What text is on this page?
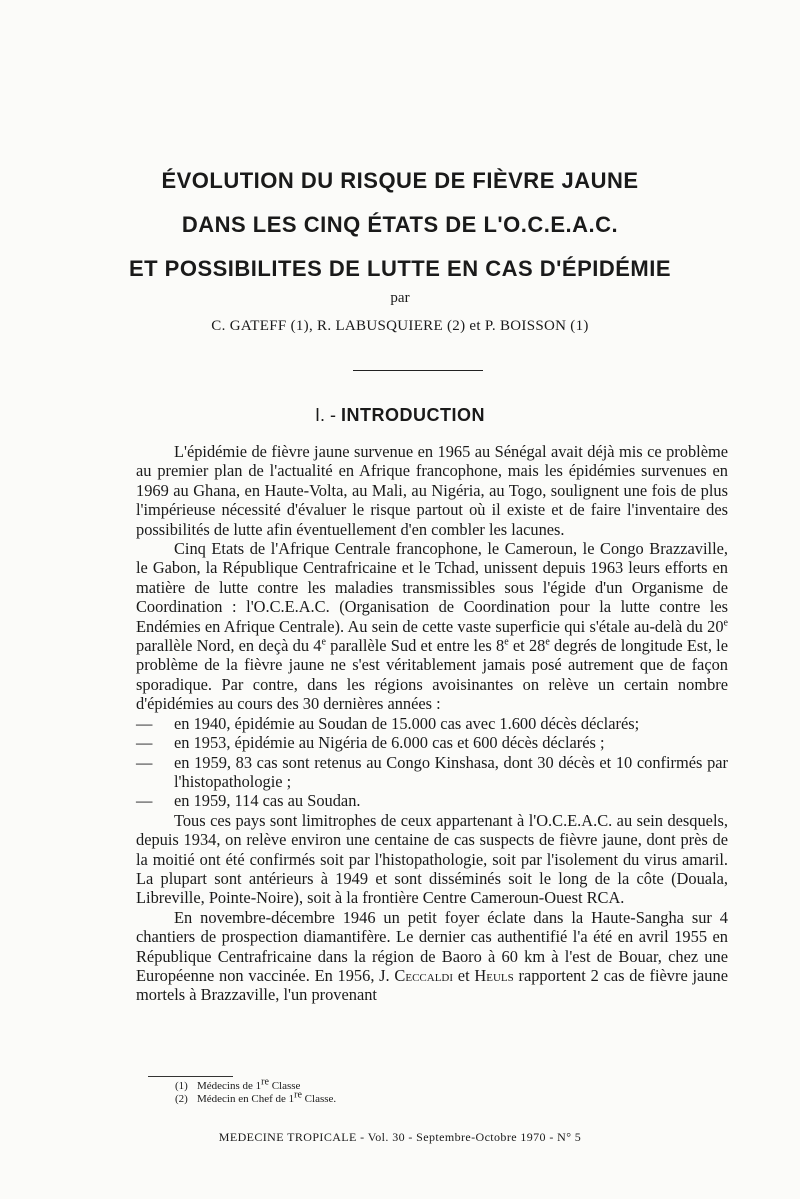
ÉVOLUTION DU RISQUE DE FIÈVRE JAUNE
DANS LES CINQ ÉTATS DE L'O.C.E.A.C.
ET POSSIBILITES DE LUTTE EN CAS D'ÉPIDÉMIE
par
C. GATEFF (1), R. LABUSQUIERE (2) et P. BOISSON (1)
I. - INTRODUCTION

L'épidémie de fièvre jaune survenue en 1965 au Sénégal avait déjà mis ce problème au premier plan de l'actualité en Afrique francophone, mais les épidémies survenues en 1969 au Ghana, en Haute-Volta, au Mali, au Nigéria, au Togo, soulignent une fois de plus l'impérieuse nécessité d'évaluer le risque partout où il existe et de faire l'inventaire des possibilités de lutte afin éventuellement d'en combler les lacunes.

Cinq Etats de l'Afrique Centrale francophone, le Cameroun, le Congo Brazzaville, le Gabon, la République Centrafricaine et le Tchad, unissent depuis 1963 leurs efforts en matière de lutte contre les maladies transmissibles sous l'égide d'un Organisme de Coordination : l'O.C.E.A.C. (Organisation de Coordination pour la lutte contre les Endémies en Afrique Centrale). Au sein de cette vaste superficie qui s'étale au-delà du 20e parallèle Nord, en deçà du 4e parallèle Sud et entre les 8e et 28e degrés de longitude Est, le problème de la fièvre jaune ne s'est véritablement jamais posé autrement que de façon sporadique. Par contre, dans les régions avoisinantes on relève un certain nombre d'épidémies au cours des 30 dernières années :

— en 1940, épidémie au Soudan de 15.000 cas avec 1.600 décès déclarés;
— en 1953, épidémie au Nigéria de 6.000 cas et 600 décès déclarés ;
— en 1959, 83 cas sont retenus au Congo Kinshasa, dont 30 décès et 10 confirmés par l'histopathologie ;
— en 1959, 114 cas au Soudan.

Tous ces pays sont limitrophes de ceux appartenant à l'O.C.E.A.C. au sein desquels, depuis 1934, on relève environ une centaine de cas suspects de fièvre jaune, dont près de la moitié ont été confirmés soit par l'histopathologie, soit par l'isolement du virus amaril. La plupart sont antérieurs à 1949 et sont disséminés soit le long de la côte (Douala, Libreville, Pointe-Noire), soit à la frontière Centre Cameroun-Ouest RCA.

En novembre-décembre 1946 un petit foyer éclate dans la Haute-Sangha sur 4 chantiers de prospection diamantifère. Le dernier cas authentifié l'a été en avril 1955 en République Centrafricaine dans la région de Baoro à 60 km à l'est de Bouar, chez une Européenne non vaccinée. En 1956, J. Ceccaldi et Heuls rapportent 2 cas de fièvre jaune mortels à Brazzaville, l'un provenant

(1) Médecins de 1re Classe
(2) Médecin en Chef de 1re Classe.
MEDECINE TROPICALE - Vol. 30 - Septembre-Octobre 1970 - N° 5
